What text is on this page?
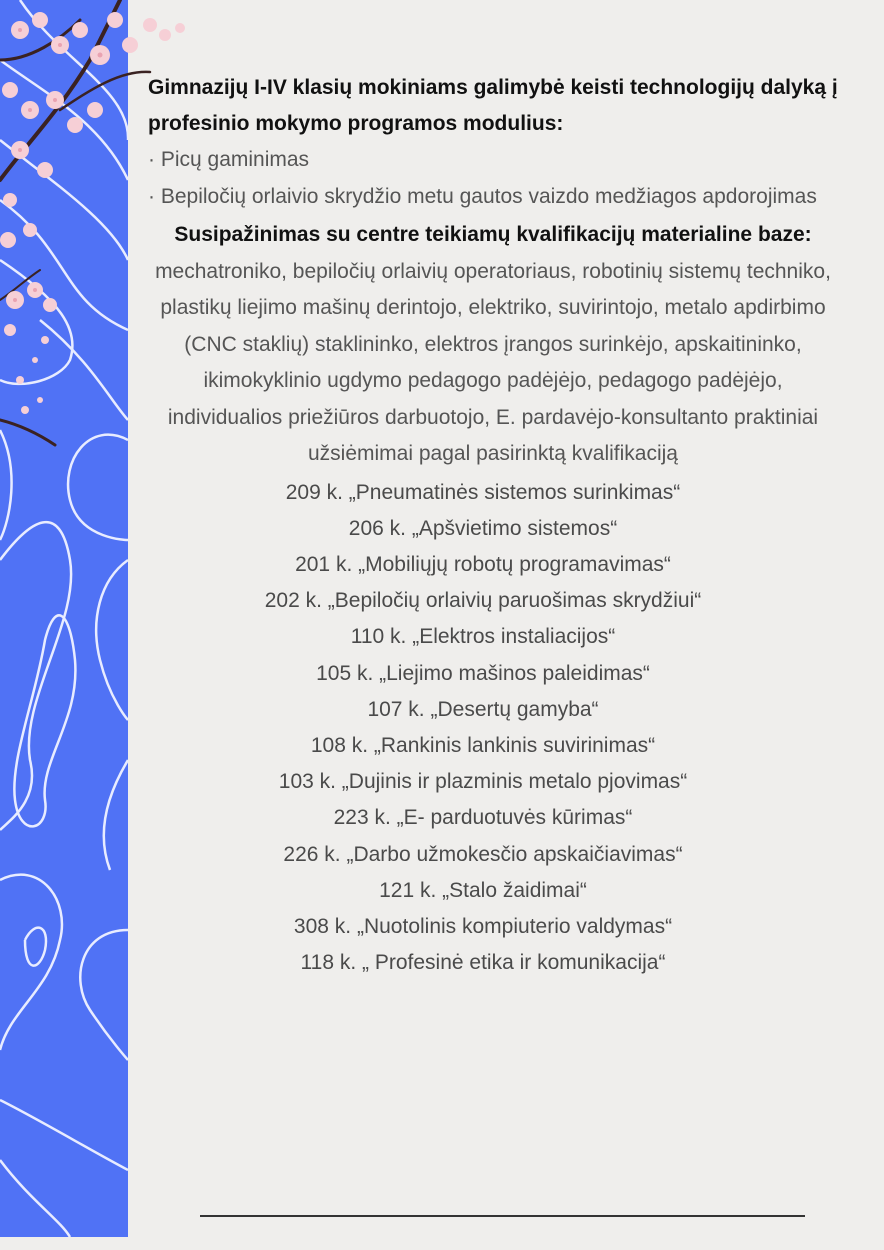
Gimnazijų I-IV klasių mokiniams galimybė keisti technologijų dalyką į profesinio mokymo programos modulius:

· Picų gaminimas
· Bepiločių orlaivio skrydžio metu gautos vaizdo medžiagos apdorojimas
Susipažinimas su centre teikiamų kvalifikacijų materialine baze: mechatroniko, bepiločių orlaivių operatoriaus, robotinių sistemų techniko, plastikų liejimo mašinų derintojo, elektriko, suvirintojo, metalo apdirbimo (CNC staklių) staklininko, elektros įrangos surinkėjo, apskaitininko, ikimokyklinio ugdymo pedagogo padėjėjo, pedagogo padėjėjo, individualios priežiūros darbuotojo, E. pardavėjo-konsultanto praktiniai užsiėmimai pagal pasirinktą kvalifikaciją
209 k. „Pneumatinės sistemos surinkimas“
206 k. „Apšvietimo sistemos“
201 k. „Mobiliųjų robotų programavimas“
202 k. „Bepiločių orlaivių paruošimas skrydžiui“
110 k. „Elektros instaliacijos“
105 k. „Liejimo mašinos paleidimas“
107 k. „Desertų gamyba“
108 k. „Rankinis lankinis suvirinimas“
103 k. „Dujinis ir plazminis metalo pjovimas“
223 k. „E- parduotuvės kūrimas“
226 k. „Darbo užmokesčio apskaičiavimas“
121 k. „Stalo žaidimai“
308 k. „Nuotolinis kompiuterio valdymas“
118 k. „ Profesinė etika ir komunikacija“
